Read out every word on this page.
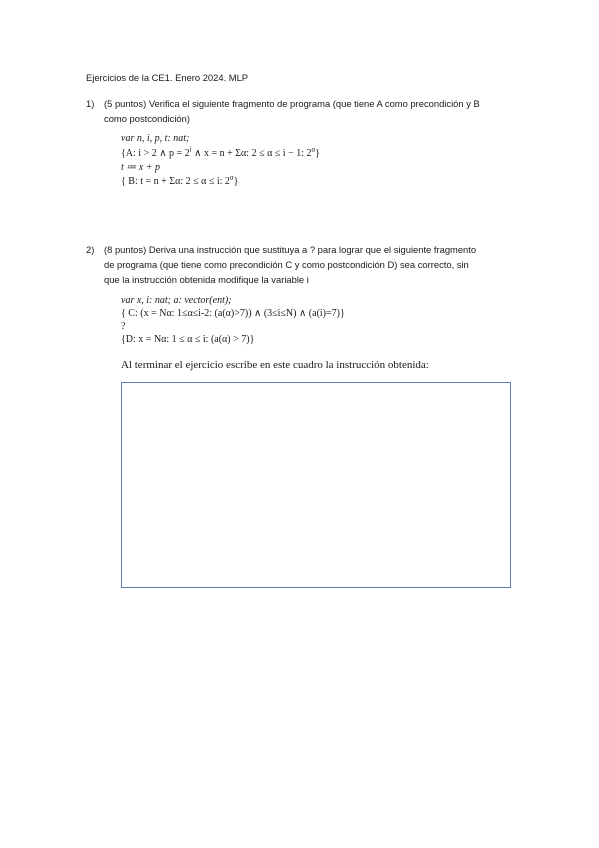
Ejercicios de la CE1. Enero 2024. MLP
1) (5 puntos) Verifica el siguiente fragmento de programa (que tiene A como precondición y B
como postcondición)
var n, i, p, t: nat;
{A: i > 2 ∧ $p = 2^i$ ∧ x = n + Σα: 2 ≤ α ≤ i − 1: $2^\alpha$}
t ≔ x + p
{ B: t = n + Σα: 2 ≤ α ≤ i: $2^\alpha$}
2) (8 puntos) Deriva una instrucción que sustituya a ? para lograr que el siguiente fragmento
de programa (que tiene como precondición C y como postcondición D) sea correcto, sin
que la instrucción obtenida modifique la variable i
var x, i: nat; a: vector(ent);
{ C: (x = Nα: 1≤α≤i-2: (a(α)>7)) ∧ (3≤i≤N) ∧ (a(i)=7)}
?
{D: x = Nα: 1 ≤ α ≤ i: (a(α) > 7)}
Al terminar el ejercicio escribe en este cuadro la instrucción obtenida:
